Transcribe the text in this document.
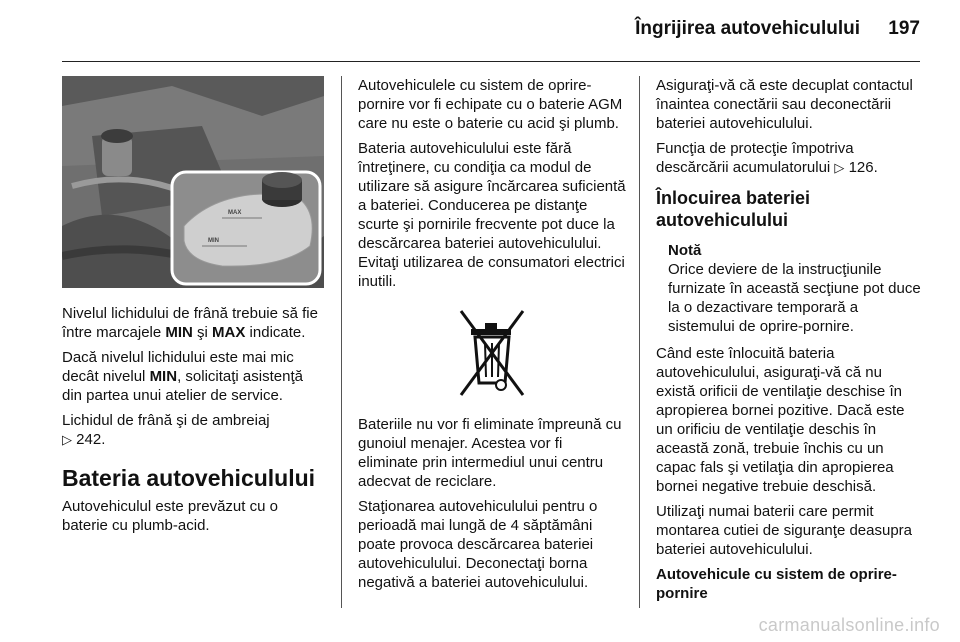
Îngrijirea autovehiculului 197
MAX
MIN

Nivelul lichidului de frână trebuie să fie între marcajele MIN şi MAX indicate.

Dacă nivelul lichidului este mai mic decât nivelul MIN, solicitaţi asistenţă din partea unui atelier de service.

Lichidul de frână şi de ambreiaj
▷ 242.

Bateria autovehiculului

Autovehiculul este prevăzut cu o baterie cu plumb-acid.

Autovehiculele cu sistem de oprire-pornire vor fi echipate cu o baterie AGM care nu este o baterie cu acid şi plumb.

Bateria autovehiculului este fără întreţinere, cu condiţia ca modul de utilizare să asigure încărcarea suficientă a bateriei. Conducerea pe distanţe scurte şi pornirile frecvente pot duce la descărcarea bateriei autovehiculului. Evitaţi utilizarea de consumatori electrici inutili.

Bateriile nu vor fi eliminate împreună cu gunoiul menajer. Acestea vor fi eliminate prin intermediul unui centru adecvat de reciclare.

Staţionarea autovehiculului pentru o perioadă mai lungă de 4 săptămâni poate provoca descărcarea bateriei autovehiculului. Deconectaţi borna negativă a bateriei autovehiculului.

Asiguraţi-vă că este decuplat contactul înaintea conectării sau deconectării bateriei autovehiculului.

Funcţia de protecţie împotriva descărcării acumulatorului ▷ 126.

Înlocuirea bateriei autovehiculului
Notă
Orice deviere de la instrucţiunile furnizate în această secţiune pot duce la o dezactivare temporară a sistemului de oprire-pornire.

Când este înlocuită bateria autovehiculului, asiguraţi-vă că nu există orificii de ventilaţie deschise în apropierea bornei pozitive. Dacă este un orificiu de ventilaţie deschis în această zonă, trebuie închis cu un capac fals şi vetilaţia din apropierea bornei negative trebuie deschisă.

Utilizaţi numai baterii care permit montarea cutiei de siguranţe deasupra bateriei autovehiculului.

Autovehicule cu sistem de oprire-pornire
carmanualsonline.info
